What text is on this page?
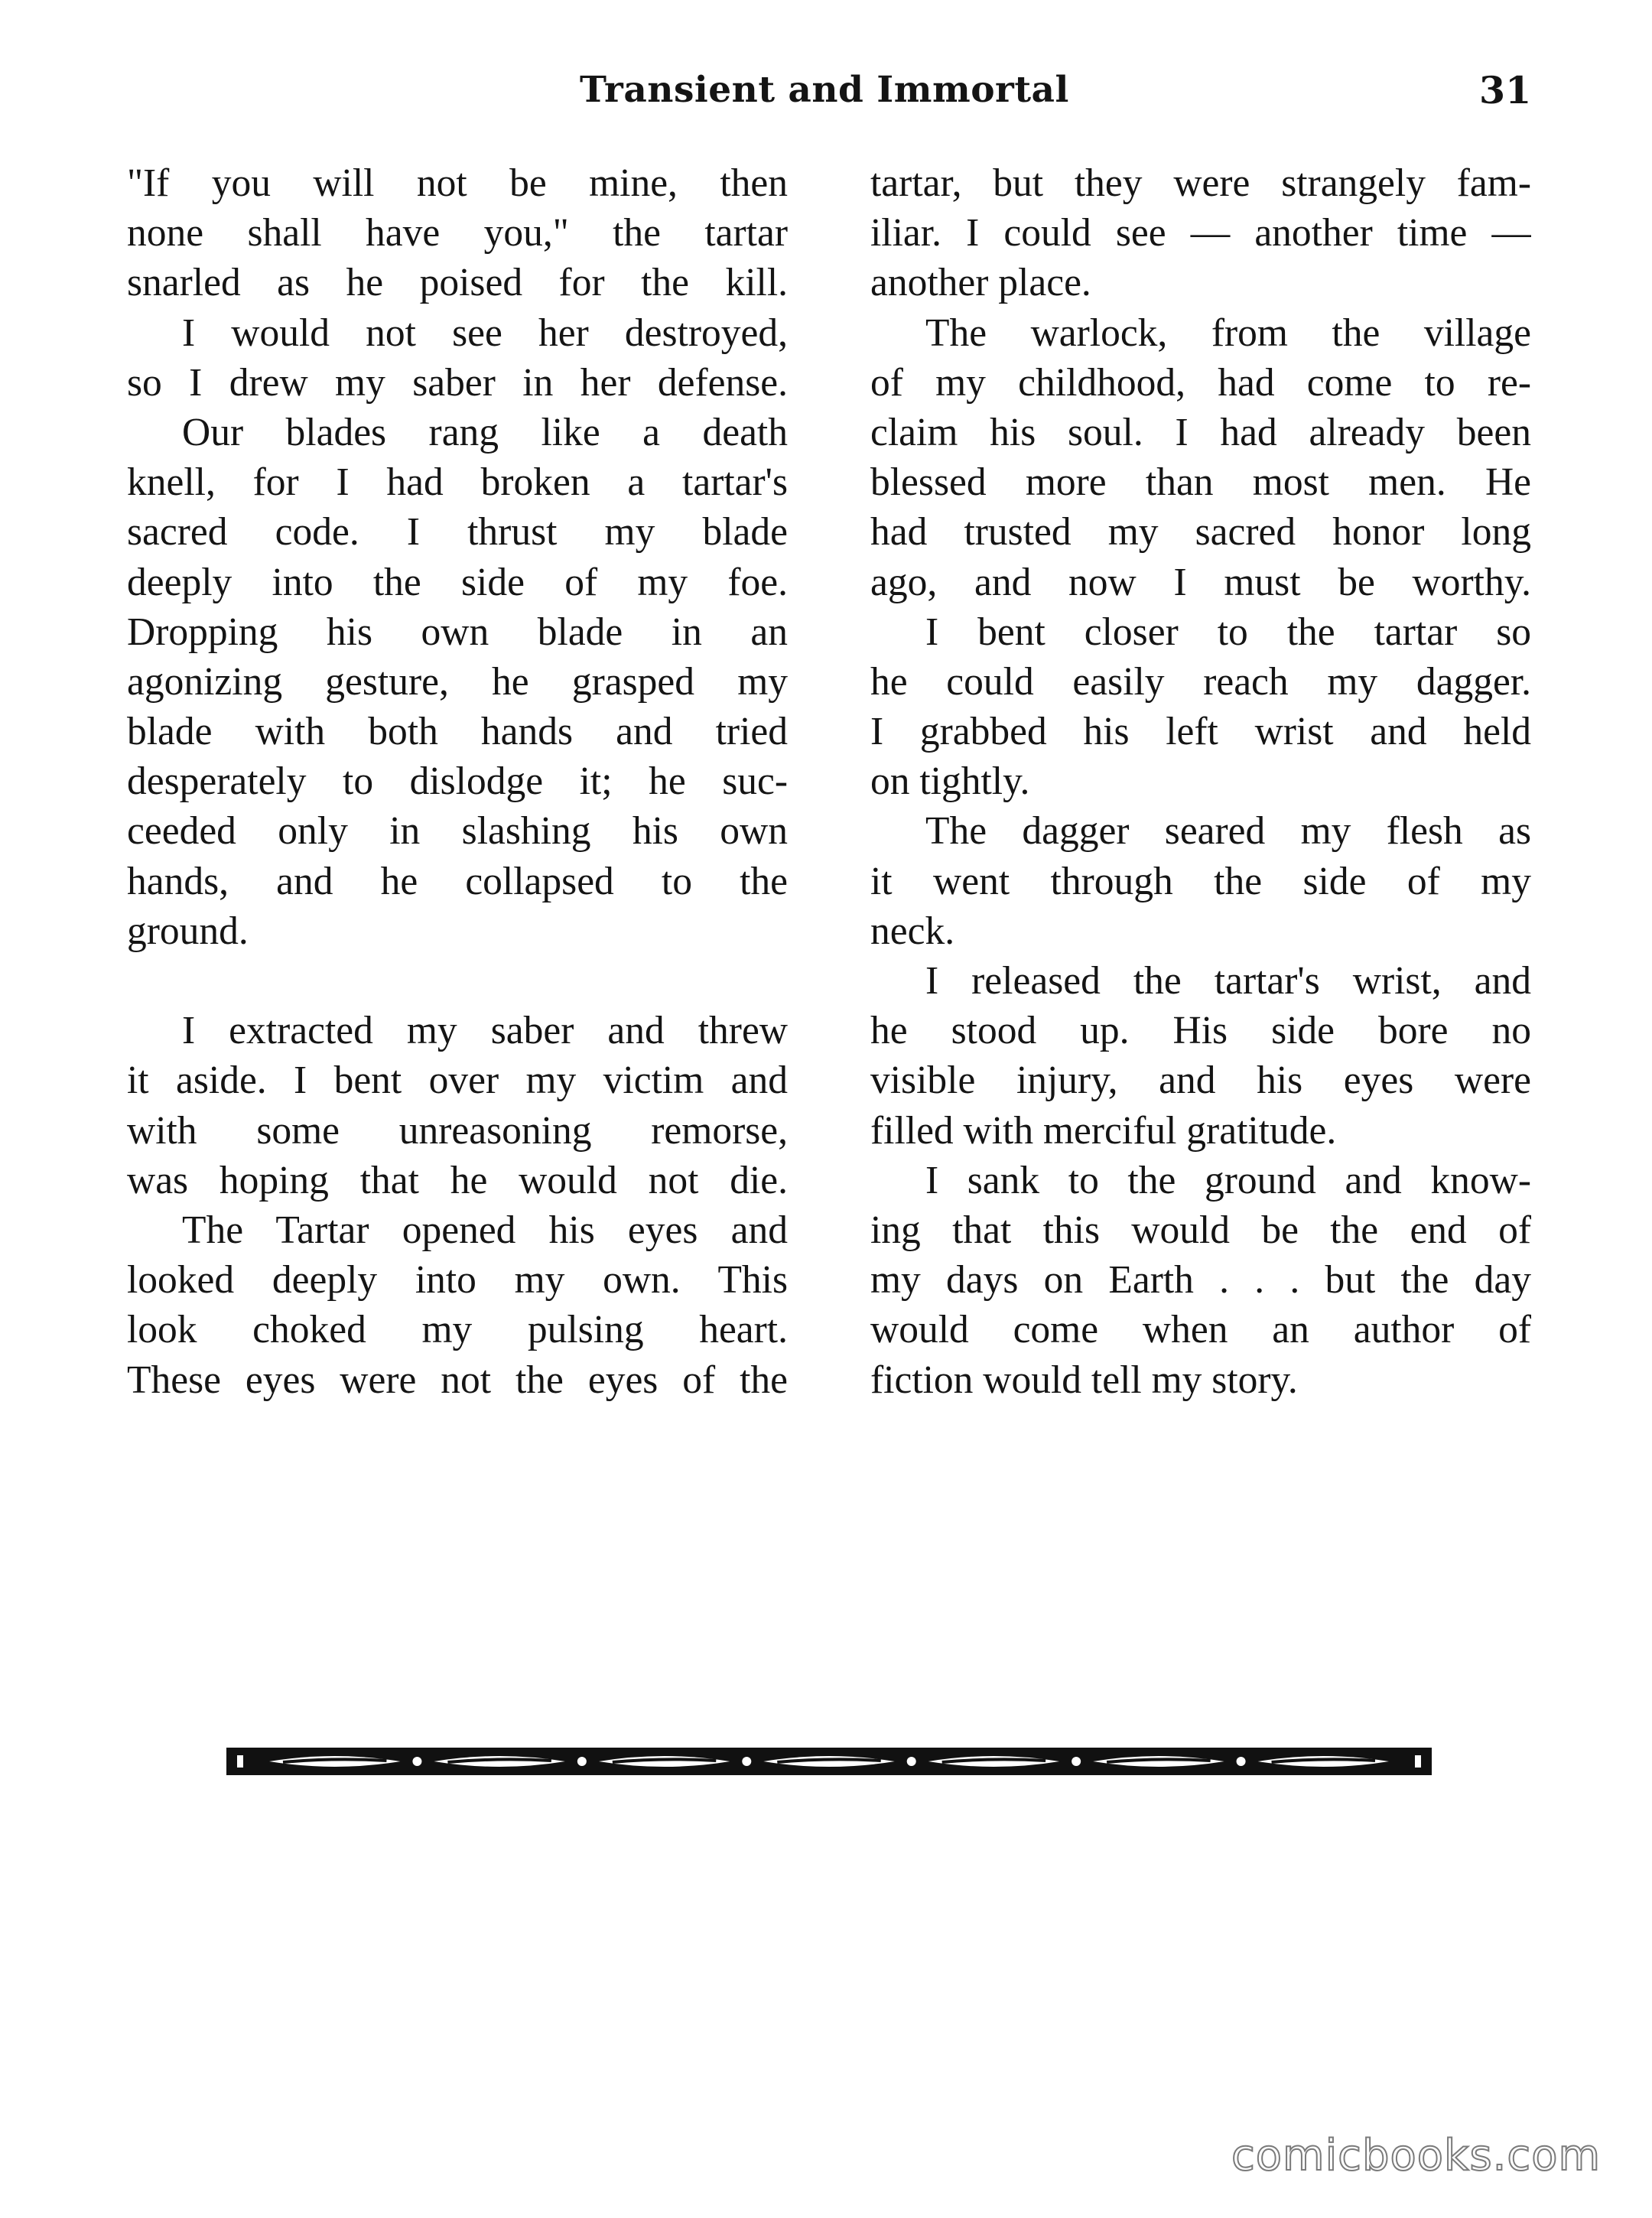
Transient and Immortal	31
"If you will not be mine, then
none shall have you," the tartar
snarled as he poised for the kill.
I would not see her destroyed,
so I drew my saber in her defense.
Our blades rang like a death
knell, for I had broken a tartar's
sacred code. I thrust my blade
deeply into the side of my foe.
Dropping his own blade in an
agonizing gesture, he grasped my
blade with both hands and tried
desperately to dislodge it; he suc-
ceeded only in slashing his own
hands, and he collapsed to the
ground.
I extracted my saber and threw
it aside. I bent over my victim and
with some unreasoning remorse,
was hoping that he would not die.
The Tartar opened his eyes and
looked deeply into my own. This
look choked my pulsing heart.
These eyes were not the eyes of the
tartar, but they were strangely fam-
iliar. I could see — another time —
another place.
The warlock, from the village
of my childhood, had come to re-
claim his soul. I had already been
blessed more than most men. He
had trusted my sacred honor long
ago, and now I must be worthy.
I bent closer to the tartar so
he could easily reach my dagger.
I grabbed his left wrist and held
on tightly.
The dagger seared my flesh as
it went through the side of my
neck.
I released the tartar's wrist, and
he stood up. His side bore no
visible injury, and his eyes were
filled with merciful gratitude.
I sank to the ground and know-
ing that this would be the end of
my days on Earth . . . but the day
would come when an author of
fiction would tell my story.
comicbooks.com
